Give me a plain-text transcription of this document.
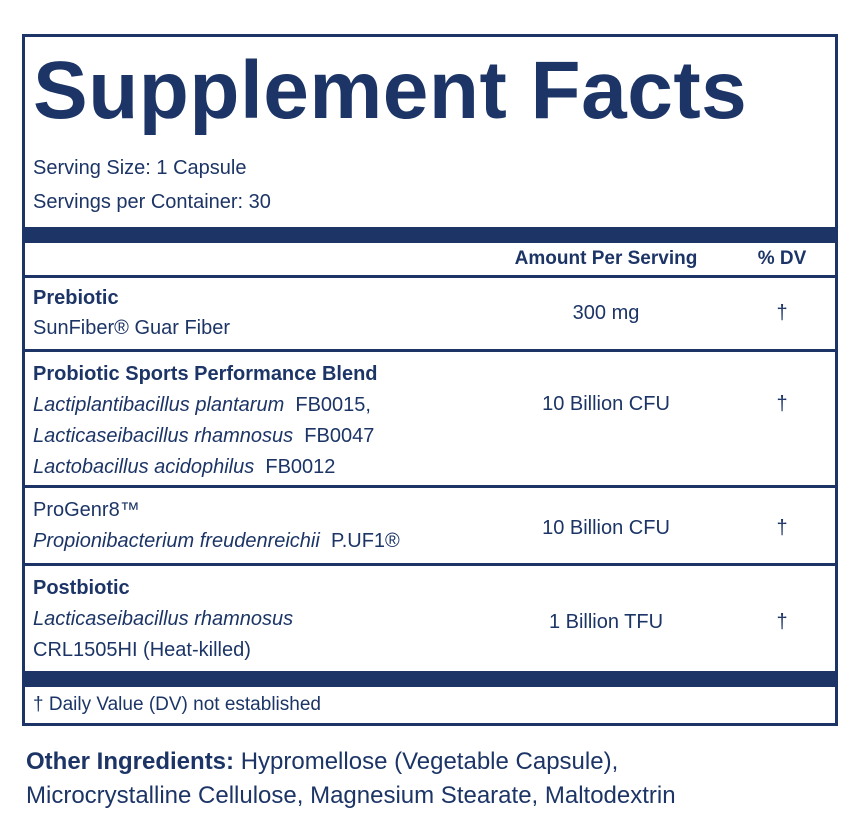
Supplement Facts
Serving Size: 1 Capsule
Servings per Container: 30
Amount Per Serving	% DV
Prebiotic
SunFiber® Guar Fiber
300 mg	†
Probiotic Sports Performance Blend
Lactiplantibacillus plantarum FB0015,
Lacticaseibacillus rhamnosus FB0047
Lactobacillus acidophilus FB0012
10 Billion CFU	†
ProGenr8™
Propionibacterium freudenreichii P.UF1®
10 Billion CFU	†
Postbiotic
Lacticaseibacillus rhamnosus
CRL1505HI (Heat-killed)
1 Billion TFU	†
† Daily Value (DV) not established
Other Ingredients: Hypromellose (Vegetable Capsule),
Microcrystalline Cellulose, Magnesium Stearate, Maltodextrin
